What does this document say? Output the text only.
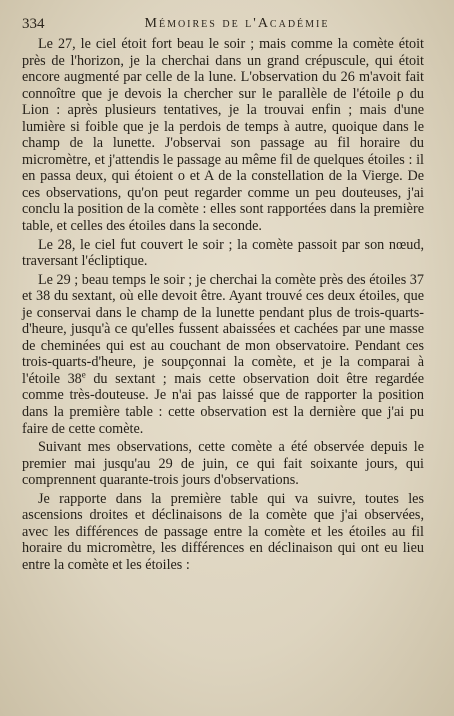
334	Mémoires de l'Académie

Le 27, le ciel étoit fort beau le soir ; mais comme la comète étoit près de l'horizon, je la cherchai dans un grand crépuscule, qui étoit encore augmenté par celle de la lune. L'observation du 26 m'avoit fait connoître que je devois la chercher sur le parallèle de l'étoile ρ du Lion : après plusieurs tentatives, je la trouvai enfin ; mais d'une lumière si foible que je la perdois de temps à autre, quoique dans le champ de la lunette. J'observai son passage au fil horaire du micromètre, et j'attendis le passage au même fil de quelques étoiles : il en passa deux, qui étoient o et A de la constellation de la Vierge. De ces observations, qu'on peut regarder comme un peu douteuses, j'ai conclu la position de la comète : elles sont rapportées dans la première table, et celles des étoiles dans la seconde.

Le 28, le ciel fut couvert le soir ; la comète passoit par son nœud, traversant l'écliptique.

Le 29 ; beau temps le soir ; je cherchai la comète près des étoiles 37 et 38 du sextant, où elle devoit être. Ayant trouvé ces deux étoiles, que je conservai dans le champ de la lunette pendant plus de trois-quarts-d'heure, jusqu'à ce qu'elles fussent abaissées et cachées par une masse de cheminées qui est au couchant de mon observatoire. Pendant ces trois-quarts-d'heure, je soupçonnai la comète, et je la comparai à l'étoile 38e du sextant ; mais cette observation doit être regardée comme très-douteuse. Je n'ai pas laissé que de rapporter la position dans la première table : cette observation est la dernière que j'ai pu faire de cette comète.

Suivant mes observations, cette comète a été observée depuis le premier mai jusqu'au 29 de juin, ce qui fait soixante jours, qui comprennent quarante-trois jours d'observations.

Je rapporte dans la première table qui va suivre, toutes les ascensions droites et déclinaisons de la comète que j'ai observées, avec les différences de passage entre la comète et les étoiles au fil horaire du micromètre, les différences en déclinaison qui ont eu lieu entre la comète et les étoiles :
